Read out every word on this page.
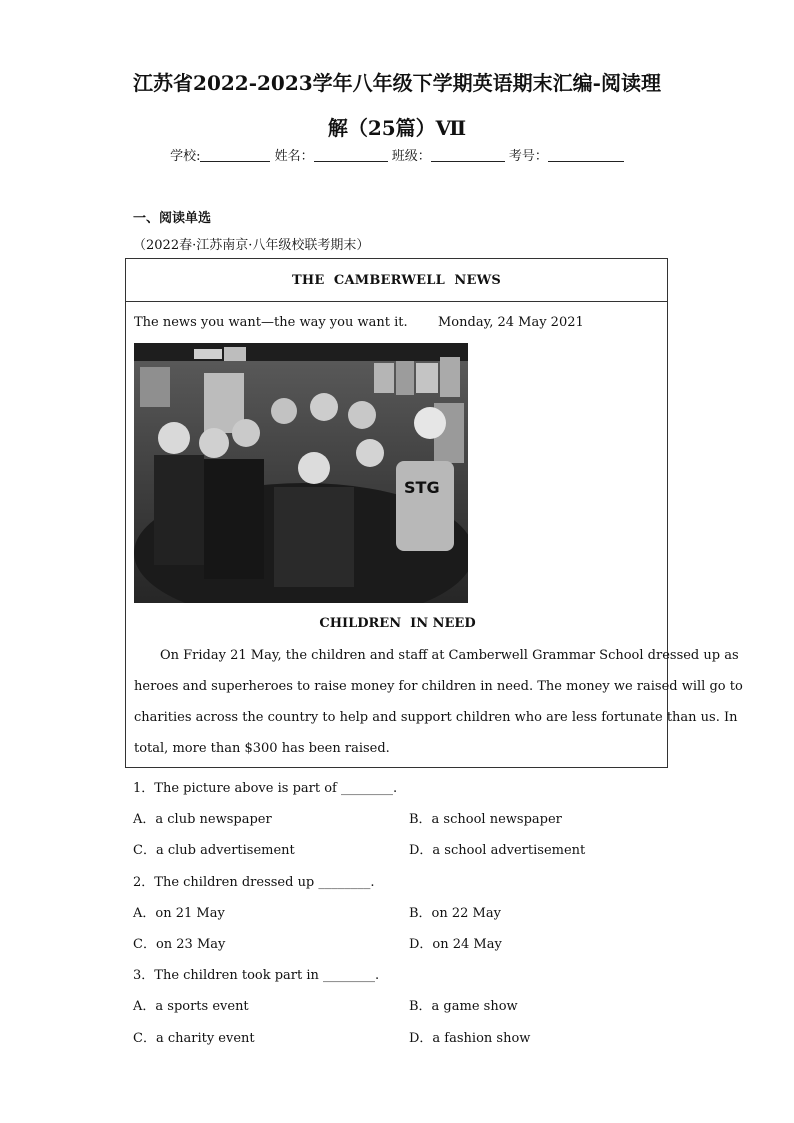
江苏省2022-2023学年八年级下学期英语期末汇编-阅读理
解（25篇）Ⅶ
学校:	姓名：	班级：	考号：
一、阅读单选
（2022春·江苏南京·八年级校联考期末）
THE  CAMBERWELL  NEWS
The news you want—the way you want it. Monday, 24 May 2021
STG
CHILDREN  IN NEED
On Friday 21 May, the children and staff at Camberwell Grammar School dressed up as
heroes and superheroes to raise money for children in need. The money we raised will go to
charities across the country to help and support children who are less fortunate than us. In
total, more than $300 has been raised.
1．The picture above is part of ________.
A．a club newspaper	B．a school newspaper
C．a club advertisement	D．a school advertisement
2．The children dressed up ________.
A．on 21 May	B．on 22 May
C．on 23 May	D．on 24 May
3．The children took part in ________.
A．a sports event	B．a game show
C．a charity event	D．a fashion show
